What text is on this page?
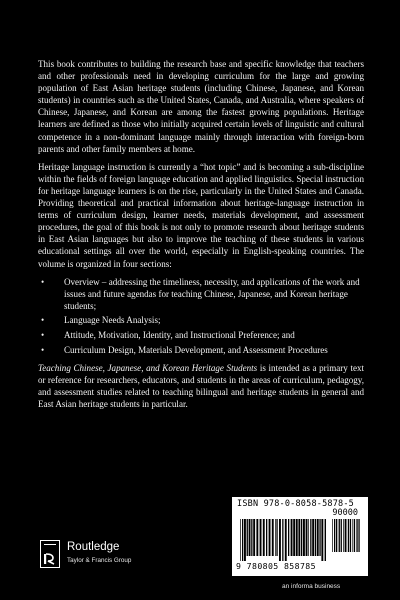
This book contributes to building the research base and specific knowledge that teachers and other professionals need in developing curriculum for the large and growing population of East Asian heritage students (including Chinese, Japanese, and Korean students) in countries such as the United States, Canada, and Australia, where speakers of Chinese, Japanese, and Korean are among the fastest growing populations. Heritage learners are defined as those who initially acquired certain levels of linguistic and cultural competence in a non-dominant language mainly through interaction with foreign-born parents and other family members at home.

Heritage language instruction is currently a “hot topic” and is becoming a sub-discipline within the fields of foreign language education and applied linguistics. Special instruction for heritage language learners is on the rise, particularly in the United States and Canada. Providing theoretical and practical information about heritage-language instruction in terms of curriculum design, learner needs, materials development, and assessment procedures, the goal of this book is not only to promote research about heritage students in East Asian languages but also to improve the teaching of these students in various educational settings all over the world, especially in English-speaking countries. The volume is organized in four sections:

• Overview – addressing the timeliness, necessity, and applications of the work and issues and future agendas for teaching Chinese, Japanese, and Korean heritage students;
• Language Needs Analysis;
• Attitude, Motivation, Identity, and Instructional Preference; and
• Curriculum Design, Materials Development, and Assessment Procedures

Teaching Chinese, Japanese, and Korean Heritage Students is intended as a primary text or reference for researchers, educators, and students in the areas of curriculum, pedagogy, and assessment studies related to teaching bilingual and heritage students in general and East Asian heritage students in particular.

ISBN 978-0-8058-5878-5
90000
9 780805 858785
Routledge
Taylor & Francis Group
an informa business
